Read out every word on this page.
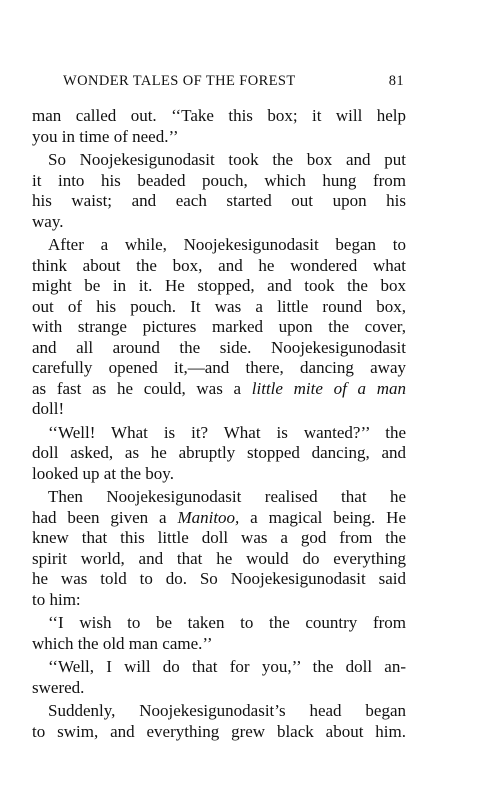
WONDER TALES OF THE FOREST	81
man called out. ‘‘Take this box; it will help
you in time of need.’’
So Noojekesigunodasit took the box and put
it into his beaded pouch, which hung from
his waist; and each started out upon his
way.
After a while, Noojekesigunodasit began to
think about the box, and he wondered what
might be in it. He stopped, and took the box
out of his pouch. It was a little round box,
with strange pictures marked upon the cover,
and all around the side. Noojekesigunodasit
carefully opened it,—and there, dancing away
as fast as he could, was a little mite of a man
doll!
‘‘Well! What is it? What is wanted?’’ the
doll asked, as he abruptly stopped dancing, and
looked up at the boy.
Then Noojekesigunodasit realised that he
had been given a Manitoo, a magical being. He
knew that this little doll was a god from the
spirit world, and that he would do everything
he was told to do. So Noojekesigunodasit said
to him:
‘‘I wish to be taken to the country from
which the old man came.’’
‘‘Well, I will do that for you,’’ the doll an-
swered.
Suddenly, Noojekesigunodasit’s head began
to swim, and everything grew black about him.
